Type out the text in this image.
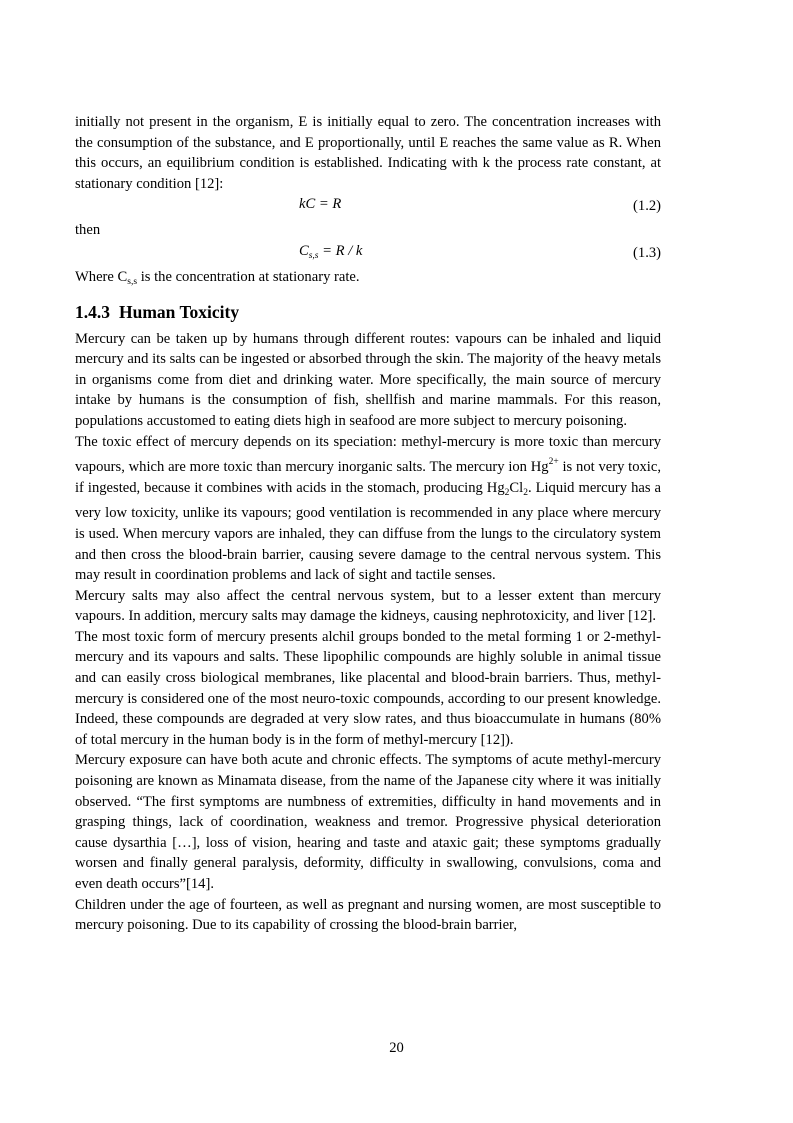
initially not present in the organism, E is initially equal to zero. The concentration increases with the consumption of the substance, and E proportionally, until E reaches the same value as R. When this occurs, an equilibrium condition is established. Indicating with k the process rate constant, at stationary condition [12]:

kC = R	(1.2)

then

$C_{s,s} = R / k$	(1.3)

Where $C_{s,s}$ is the concentration at stationary rate.

1.4.3 Human Toxicity

Mercury can be taken up by humans through different routes: vapours can be inhaled and liquid mercury and its salts can be ingested or absorbed through the skin. The majority of the heavy metals in organisms come from diet and drinking water. More specifically, the main source of mercury intake by humans is the consumption of fish, shellfish and marine mammals. For this reason, populations accustomed to eating diets high in seafood are more subject to mercury poisoning.

The toxic effect of mercury depends on its speciation: methyl-mercury is more toxic than mercury vapours, which are more toxic than mercury inorganic salts. The mercury ion $Hg^{2+}$ is not very toxic, if ingested, because it combines with acids in the stomach, producing $Hg_2Cl_2$. Liquid mercury has a very low toxicity, unlike its vapours; good ventilation is recommended in any place where mercury is used. When mercury vapors are inhaled, they can diffuse from the lungs to the circulatory system and then cross the blood-brain barrier, causing severe damage to the central nervous system. This may result in coordination problems and lack of sight and tactile senses.

Mercury salts may also affect the central nervous system, but to a lesser extent than mercury vapours. In addition, mercury salts may damage the kidneys, causing nephrotoxicity, and liver [12].

The most toxic form of mercury presents alchil groups bonded to the metal forming 1 or 2-methyl-mercury and its vapours and salts. These lipophilic compounds are highly soluble in animal tissue and can easily cross biological membranes, like placental and blood-brain barriers. Thus, methyl-mercury is considered one of the most neuro-toxic compounds, according to our present knowledge. Indeed, these compounds are degraded at very slow rates, and thus bioaccumulate in humans (80% of total mercury in the human body is in the form of methyl-mercury [12]).

Mercury exposure can have both acute and chronic effects. The symptoms of acute methyl-mercury poisoning are known as Minamata disease, from the name of the Japanese city where it was initially observed. “The first symptoms are numbness of extremities, difficulty in hand movements and in grasping things, lack of coordination, weakness and tremor. Progressive physical deterioration cause dysarthia […], loss of vision, hearing and taste and ataxic gait; these symptoms gradually worsen and finally general paralysis, deformity, difficulty in swallowing, convulsions, coma and even death occurs”[14].

Children under the age of fourteen, as well as pregnant and nursing women, are most susceptible to mercury poisoning. Due to its capability of crossing the blood-brain barrier,

20
